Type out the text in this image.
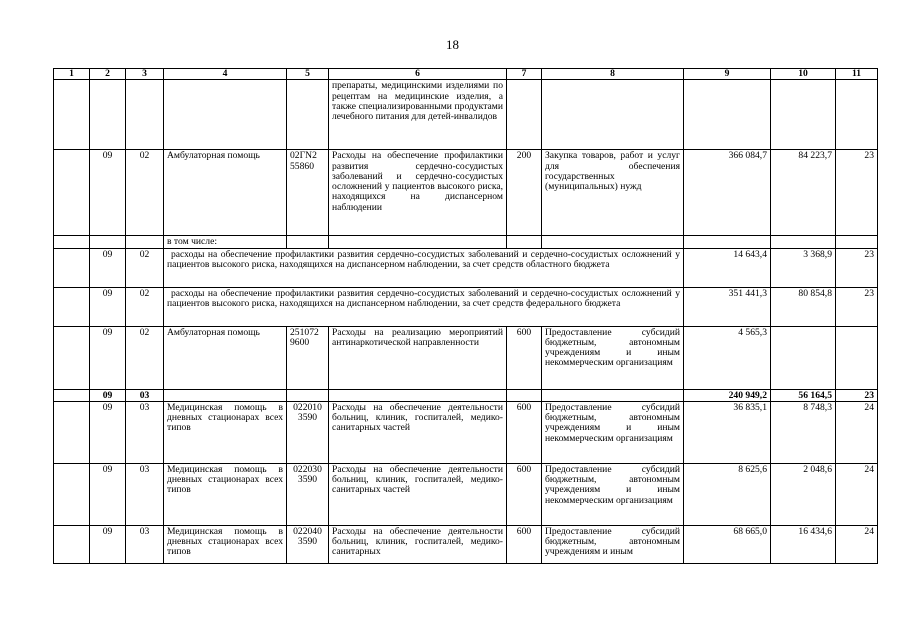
18
1	2	3	4	5	6	7	8	9	10	11
					препараты, медицинскими изделиями по рецептам на медицинские изделия, а также специализированными продуктами лечебного питания для детей-инвалидов					
	09	02	Амбулаторная помощь	02ГN2 55860	Расходы на обеспечение профилактики развития сердечно-сосудистых заболеваний и сердечно-сосудистых осложнений у пациентов высокого риска, находящихся на диспансерном наблюдении	200	Закупка товаров, работ и услуг для обеспечения государственных (муниципальных) нужд	366 084,7	84 223,7	23
			в том числе:							
	09	02	расходы на обеспечение профилактики развития сердечно-сосудистых заболеваний и сердечно-сосудистых осложнений у пациентов высокого риска, находящихся на диспансерном наблюдении, за счет средств областного бюджета					14 643,4	3 368,9	23
	09	02	расходы на обеспечение профилактики развития сердечно-сосудистых заболеваний и сердечно-сосудистых осложнений у пациентов высокого риска, находящихся на диспансерном наблюдении, за счет средств федерального бюджета					351 441,3	80 854,8	23
	09	02	Амбулаторная помощь	251072 9600	Расходы на реализацию мероприятий антинаркотической направленности	600	Предоставление субсидий бюджетным, автономным учреждениям и иным некоммерческим организациям	4 565,3		
	09	03						240 949,2	56 164,5	23
	09	03	Медицинская помощь в дневных стационарах всех типов	022010 3590	Расходы на обеспечение деятельности больниц, клиник, госпиталей, медико-санитарных частей	600	Предоставление субсидий бюджетным, автономным учреждениям и иным некоммерческим организациям	36 835,1	8 748,3	24
	09	03	Медицинская помощь в дневных стационарах всех типов	022030 3590	Расходы на обеспечение деятельности больниц, клиник, госпиталей, медико-санитарных частей	600	Предоставление субсидий бюджетным, автономным учреждениям и иным некоммерческим организациям	8 625,6	2 048,6	24
	09	03	Медицинская помощь в дневных стационарах всех типов	022040 3590	Расходы на обеспечение деятельности больниц, клиник, госпиталей, медико-санитарных	600	Предоставление субсидий бюджетным, автономным учреждениям и иным	68 665,0	16 434,6	24
